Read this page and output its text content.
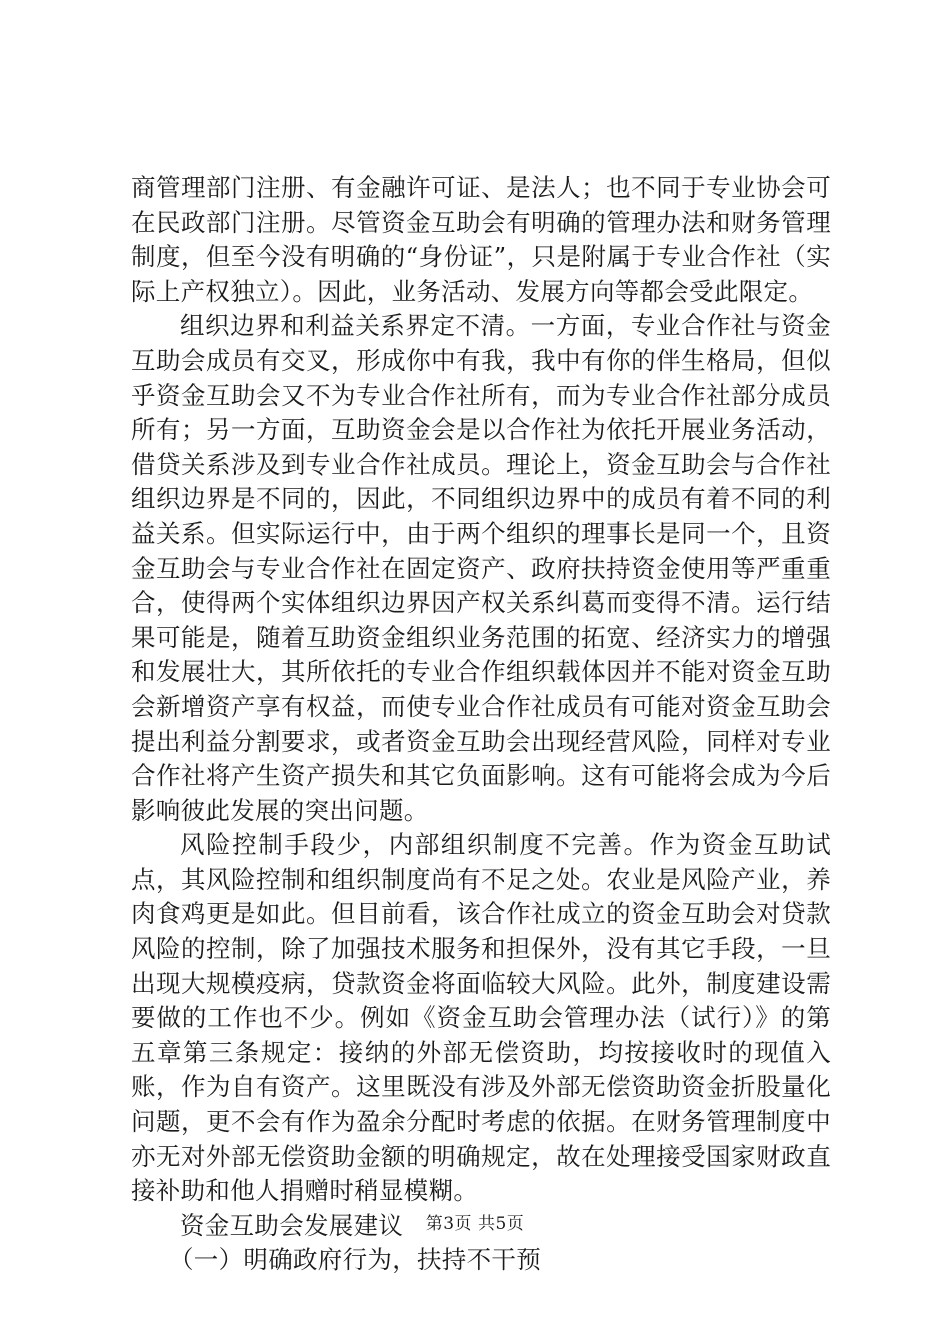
商管理部门注册、有金融许可证、是法人；也不同于专业协会可在民政部门注册。尽管资金互助会有明确的管理办法和财务管理制度，但至今没有明确的“身份证”，只是附属于专业合作社（实际上产权独立）。因此，业务活动、发展方向等都会受此限定。

组织边界和利益关系界定不清。一方面，专业合作社与资金互助会成员有交叉，形成你中有我，我中有你的伴生格局，但似乎资金互助会又不为专业合作社所有，而为专业合作社部分成员所有；另一方面，互助资金会是以合作社为依托开展业务活动，借贷关系涉及到专业合作社成员。理论上，资金互助会与合作社组织边界是不同的，因此，不同组织边界中的成员有着不同的利益关系。但实际运行中，由于两个组织的理事长是同一个，且资金互助会与专业合作社在固定资产、政府扶持资金使用等严重重合，使得两个实体组织边界因产权关系纠葛而变得不清。运行结果可能是，随着互助资金组织业务范围的拓宽、经济实力的增强和发展壮大，其所依托的专业合作组织载体因并不能对资金互助会新增资产享有权益，而使专业合作社成员有可能对资金互助会提出利益分割要求，或者资金互助会出现经营风险，同样对专业合作社将产生资产损失和其它负面影响。这有可能将会成为今后影响彼此发展的突出问题。

风险控制手段少，内部组织制度不完善。作为资金互助试点，其风险控制和组织制度尚有不足之处。农业是风险产业，养肉食鸡更是如此。但目前看，该合作社成立的资金互助会对贷款风险的控制，除了加强技术服务和担保外，没有其它手段，一旦出现大规模疫病，贷款资金将面临较大风险。此外，制度建设需要做的工作也不少。例如《资金互助会管理办法（试行）》的第五章第三条规定：接纳的外部无偿资助，均按接收时的现值入账，作为自有资产。这里既没有涉及外部无偿资助资金折股量化问题，更不会有作为盈余分配时考虑的依据。在财务管理制度中亦无对外部无偿资助金额的明确规定，故在处理接受国家财政直接补助和他人捐赠时稍显模糊。

资金互助会发展建议

（一）明确政府行为，扶持不干预

第3页 共5页
